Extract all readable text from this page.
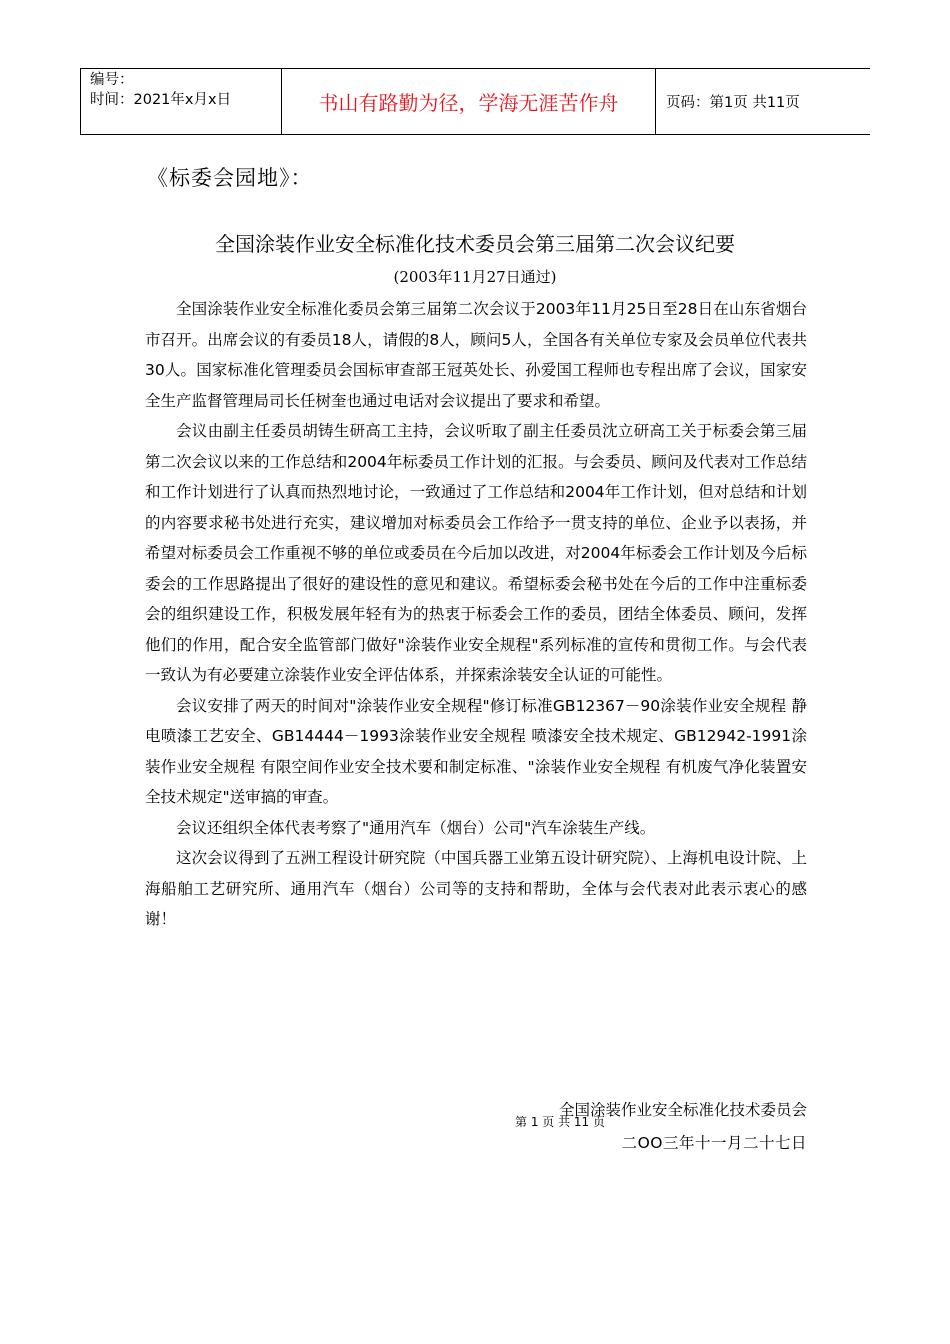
编号：
时间：2021年x月x日	书山有路勤为径，学海无涯苦作舟	页码：第1页 共11页
《标委会园地》：
全国涂装作业安全标准化技术委员会第三届第二次会议纪要
(2003年11月27日通过)

全国涂装作业安全标准化委员会第三届第二次会议于2003年11月25日至28日在山东省烟台市召开。出席会议的有委员18人，请假的8人，顾问5人，全国各有关单位专家及会员单位代表共30人。国家标准化管理委员会国标审查部王冠英处长、孙爱国工程师也专程出席了会议，国家安全生产监督管理局司长任树奎也通过电话对会议提出了要求和希望。

会议由副主任委员胡铸生研高工主持，会议听取了副主任委员沈立研高工关于标委会第三届第二次会议以来的工作总结和2004年标委员工作计划的汇报。与会委员、顾问及代表对工作总结和工作计划进行了认真而热烈地讨论，一致通过了工作总结和2004年工作计划，但对总结和计划的内容要求秘书处进行充实，建议增加对标委员会工作给予一贯支持的单位、企业予以表扬，并希望对标委员会工作重视不够的单位或委员在今后加以改进，对2004年标委会工作计划及今后标委会的工作思路提出了很好的建设性的意见和建议。希望标委会秘书处在今后的工作中注重标委会的组织建设工作，积极发展年轻有为的热衷于标委会工作的委员，团结全体委员、顾问，发挥他们的作用，配合安全监管部门做好"涂装作业安全规程"系列标准的宣传和贯彻工作。与会代表一致认为有必要建立涂装作业安全评估体系，并探索涂装安全认证的可能性。

会议安排了两天的时间对"涂装作业安全规程"修订标准GB12367－90涂装作业安全规程 静电喷漆工艺安全、GB14444－1993涂装作业安全规程 喷漆安全技术规定、GB12942-1991涂装作业安全规程 有限空间作业安全技术要和制定标准、"涂装作业安全规程 有机废气净化装置安全技术规定"送审搞的审查。

会议还组织全体代表考察了"通用汽车（烟台）公司"汽车涂装生产线。

这次会议得到了五洲工程设计研究院（中国兵器工业第五设计研究院）、上海机电设计院、上海船舶工艺研究所、通用汽车（烟台）公司等的支持和帮助，全体与会代表对此表示衷心的感谢！

全国涂装作业安全标准化技术委员会
第 1 页 共 11 页
二OO三年十一月二十七日
